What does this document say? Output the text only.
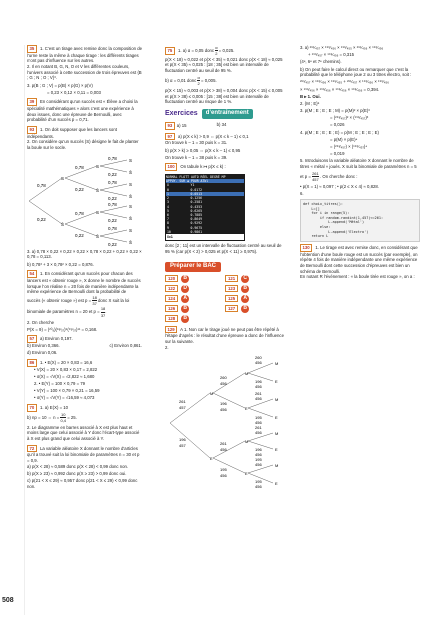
35 1. C’est un tirage avec remise donc la composition de l’urne reste la même à chaque tirage : les différents tirages n’ont pas d’influence sur les autres.
2. Il en notant B, G, N, O et V les différentes couleurs, l’univers associé à cette succession de trois épreuves est {B ; G ; N ; O ; V}³.
3. p(B ; G ; V) = p(B) × p(G) × p(V)
= 0,23 × 0,12 × 0,11 = 0,003
39 En considérant qu’un succès est « Élève a choisi la spécialité mathématiques » alors c’est une expérience à deux issues, donc une épreuve de Bernoulli, avec probabilité d’un succès p = 0,71.
93 1. On doit supposer que les lancers sont indépendants.
2. On considère qu’un succès (S) désigne le fait de planter la boule sur le socle.
0,78
0,22
S
S̄
0,78
0,22
0,78
0,22
S
S̄
S
S̄
0,78
0,22
0,78
0,22
0,78
0,22
0,78
0,22
S
S̄
S
S̄
S
S̄
S
S̄
3. a) 0,78 × 0,22 × 0,22 × 0,22 × 0,78 × 0,22 + 0,22 × 0,22 × 0,78 = 0,113.
b) 0,78³ + 3 × 0,78² × 0,22 = 0,876.
54 1. En considérant qu’un succès pour chacun des lancers est « obtenir rouge », X donne le nombre de succès lorsque l’on réalise n = 20 fois de manière indépendante la même expérience de Bernoulli dont la probabilité de
succès (« obtenir rouge ») est $p = \frac{18}{37}$ donc X suit la loi binomiale de paramètres n = 20 et $p = \frac{18}{37}$ .
2. On cherche
P(X = 9) = (²⁰₉)(¹⁸⁄₃₇)⁹(¹⁹⁄₃₇)¹¹ = 0,168.
57 a) Environ 0,197.
b) Environ 0,366.	c) Environ 0,861.
d) Environ 0,06.
86 1. • E(X) = 20 × 0,83 = 16,6
• V(X) = 20 × 0,83 × 0,17 = 2,822
• σ(X) = √V(X) = √2,822 ≈ 1,680
2. • E(Y) = 100 × 0,79 = 79
• V(Y) = 100 × 0,79 × 0,21 = 16,59
• σ(Y) = √V(Y) = √16,59 ≈ 4,073
70 1. a) E(X) = 10
b) np = 10 ⇔ $n = \frac{10}{0,4} = 25$.
2. Le diagramme en barres associé à X est plus haut et moins large que celui associé à Y donc l’écart-type associé à X est plus grand que celui associé à Y.
72 La variable aléatoire X donnant le nombre d’articles qu’il a trouvé suit la loi binomiale de paramètres n = 30 et p = 0,9.
a) p(X < 28) ≈ 0,589 donc p(X < 28) < 0,99 donc non.
b) p(X ≥ 23) ≈ 0,992 donc p(X ≥ 23) > 0,99 donc oui.
c) p(21 < X ≤ 29) ≈ 0,957 donc p(21 < X ≤ 29) < 0,99 donc non.
75 1. a) α = 0,05 donc $\frac{\alpha}{2} = 0,025$.
p(X < 18) ≈ 0,022 et p(X < 35) ≈ 0,021 donc p(X < 18) ≈ 0,025 et p(X < 35) ≈ 0,025 : [18 ; 35] est bien un intervalle de fluctuation centré au seuil de 95 %.
b) α = 0,01 donc $\frac{\alpha}{2} = 0,005$.
p(X < 15) ≈ 0,003 et p(X > 38) ≈ 0,004 donc p(X < 15) ≤ 0,005 et p(X > 38) ≤ 0,005 : [15 ; 38] est bien un intervalle de fluctuation centré au risque de 1 %.
Exercices	d’entraînement
93 a) 15	b) 34
97 a) p(X ≤ k) > 0,9 ⇔ p(X ≤ k – 1) ≤ 0,1
On trouve k – 1 = 30 puis k = 31.
b) p(X > k) ≥ 0,05 ⇔ p(X ≤ k – 1) ≤ 0,95
On trouve k – 1 = 38 puis k = 39.
100 On tabule k ↦ p(X ≤ k) :
NORMAL FLOTT AUTO RÉEL DEGRÉ MP
APPUY. SUR ◆ POUR ΔTbl
X	Y1
0	0.0172
1	0.0513
2	0.1256
3	0.2581
4	0.4353
5	0.6265
6	0.7885
7	0.8649
8	0.9292
9	0.9675
10	0.9861
X=1
donc [2 ; 11] est un intervalle de fluctuation centré au seuil de 95 % (car p(X < 2) > 0,025 et p(X < 11) ≥ 0,975).
Préparer le BAC
120	B	121	C
122	D	123	B
124	A	125	A
126	B	127	B
128	B
129 A 1. Non car le tirage joué ne peut pas être répété à l’étape d’après : le résultat d’une épreuve a donc de l’influence sur la suivante.
2.
261
457
196
457
M
E
260
456
196
456
261
456
195
456
M
E
M
E
260
456
196
456
261
456
195
456
261
456
196
456
195
456
195
456
M
E
M
E
M
E
M
E
3. a) ²⁶¹⁄₄₅₇ × ¹⁹⁶⁄₄₅₆ × ¹⁹⁵⁄₄₅₅ × ²⁶¹⁄₄₅₆ × ¹⁹⁶⁄₄₅₆
+ ¹⁹⁶⁄₄₅₇ × ¹⁹⁵⁄₄₅₆ = 0,315
(4ᵉ, 6ᵉ et 7ᵉ chemins).
b) On peut faire le calcul direct ou remarquer que c’est la probabilité que le téléphone joue 2 ou 3 titres électro, soit :
²⁶¹⁄₄₅₇ × ¹⁹⁶⁄₄₅₆ × ¹⁹⁵⁄₄₅₅ + ²⁶¹⁄₄₅₇ × ¹⁹⁶⁄₄₅₆ × ¹⁹⁶⁄₄₅₆
× ¹⁹⁵⁄₄₅₆ × ¹⁹⁶⁄₄₅₆ × ¹⁹⁵⁄₄₅₆ × ¹⁹⁵⁄₄₅₆ = 0,394.
B ▸ 1. Oui.
2. {M ; E}⁵
3. p(M ; E ; E ; E ; M) = p(M)² × p(E)³
= (²⁶¹⁄₄₅₇)² × (¹⁹⁶⁄₄₅₇)³
= 0,026
4. p(M ; E ; E ; E ; E) = p(M ; E ; E ; E ; E)
= p(M) × p(E)⁴
= (²⁶¹⁄₄₅₇) × (¹⁹⁶⁄₄₅₇)⁴
= 0,019
5. Introduisons la variable aléatoire X donnant le nombre de titres « métal » joués. X suit la binomiale de paramètres n = 5
et $p = \frac{261}{457}$ . On cherche donc :
• p(X = 1) ≈ 0,097 ; • p(2 ≤ X ≤ 4) ≈ 0,828.
6.
def choix_titres():
L=[]
for i in range(5):
if random.randint(1,457)<=261:
L.append('Métal')
else:
L.append('Electro')
return L
130 1. Le tirage est avec remise donc, en considérant que l’obtention d’une boule rouge est un succès (par exemple), on répète 4 fois de manière indépendante une même expérience de Bernoulli dont cette succession d’épreuves est bien un schéma de Bernoulli.
En notant R l’événement : « la boule tirée est rouge », on a :
508
